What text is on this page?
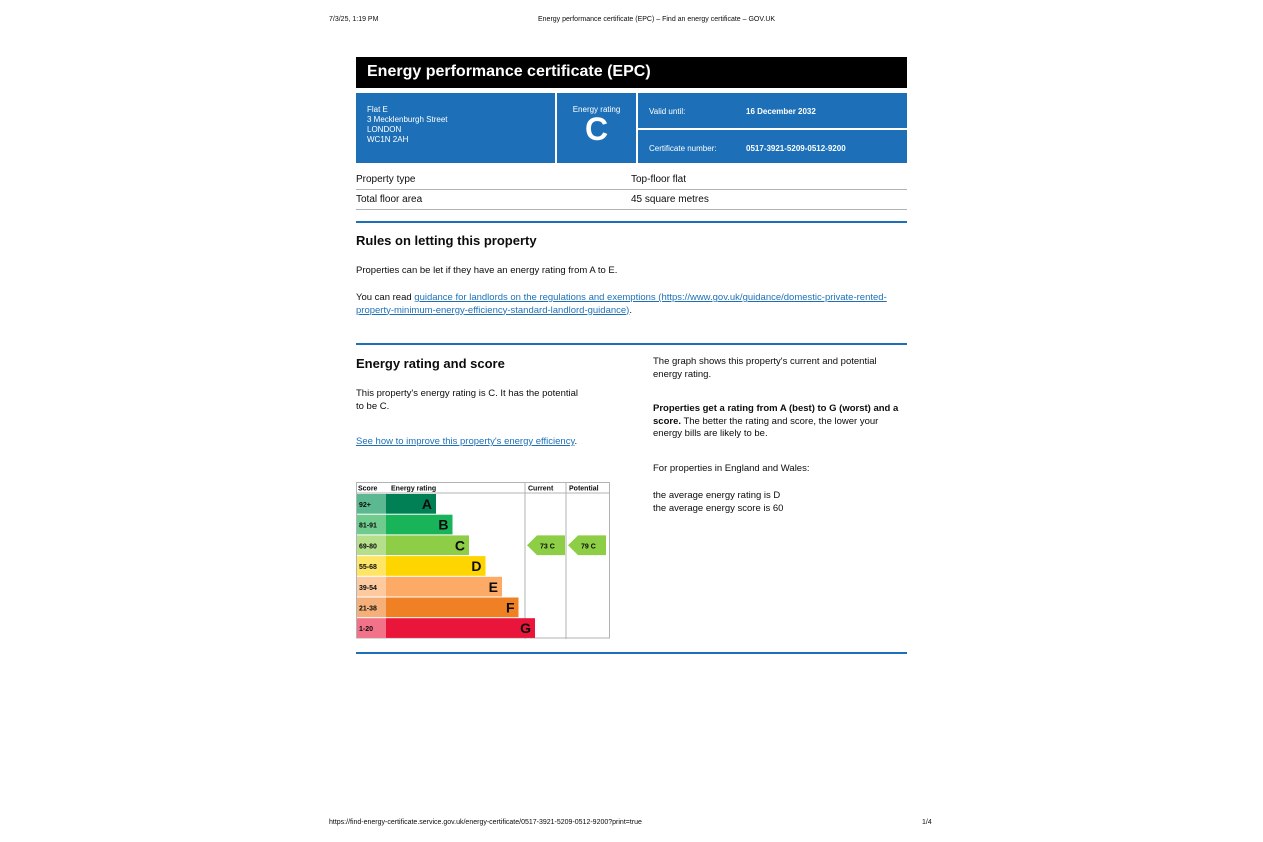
7/3/25, 1:19 PM	Energy performance certificate (EPC) – Find an energy certificate – GOV.UK
Energy performance certificate (EPC)
Flat E
3 Mecklenburgh Street
LONDON
WC1N 2AH
Energy rating
C	Valid until:	16 December 2032
Certificate number:	0517-3921-5209-0512-9200
Property type	Top-floor flat
Total floor area	45 square metres
Rules on letting this property

Properties can be let if they have an energy rating from A to E.

You can read guidance for landlords on the regulations and exemptions (https://www.gov.uk/guidance/domestic-private-rented-property-minimum-energy-efficiency-standard-landlord-guidance).

Energy rating and score

This property's energy rating is C. It has the potential to be C.

See how to improve this property's energy efficiency.

The graph shows this property's current and potential energy rating.

Properties get a rating from A (best) to G (worst) and a score. The better the rating and score, the lower your energy bills are likely to be.

For properties in England and Wales:

the average energy rating is D

the average energy score is 60

Score Energy rating	Current Potential
92+	A
81-91	B
69-80	C
55-68	D
39-54	E
21-38	F
1-20	G
73 C	79 C
https://find-energy-certificate.service.gov.uk/energy-certificate/0517-3921-5209-0512-9200?print=true	1/4
